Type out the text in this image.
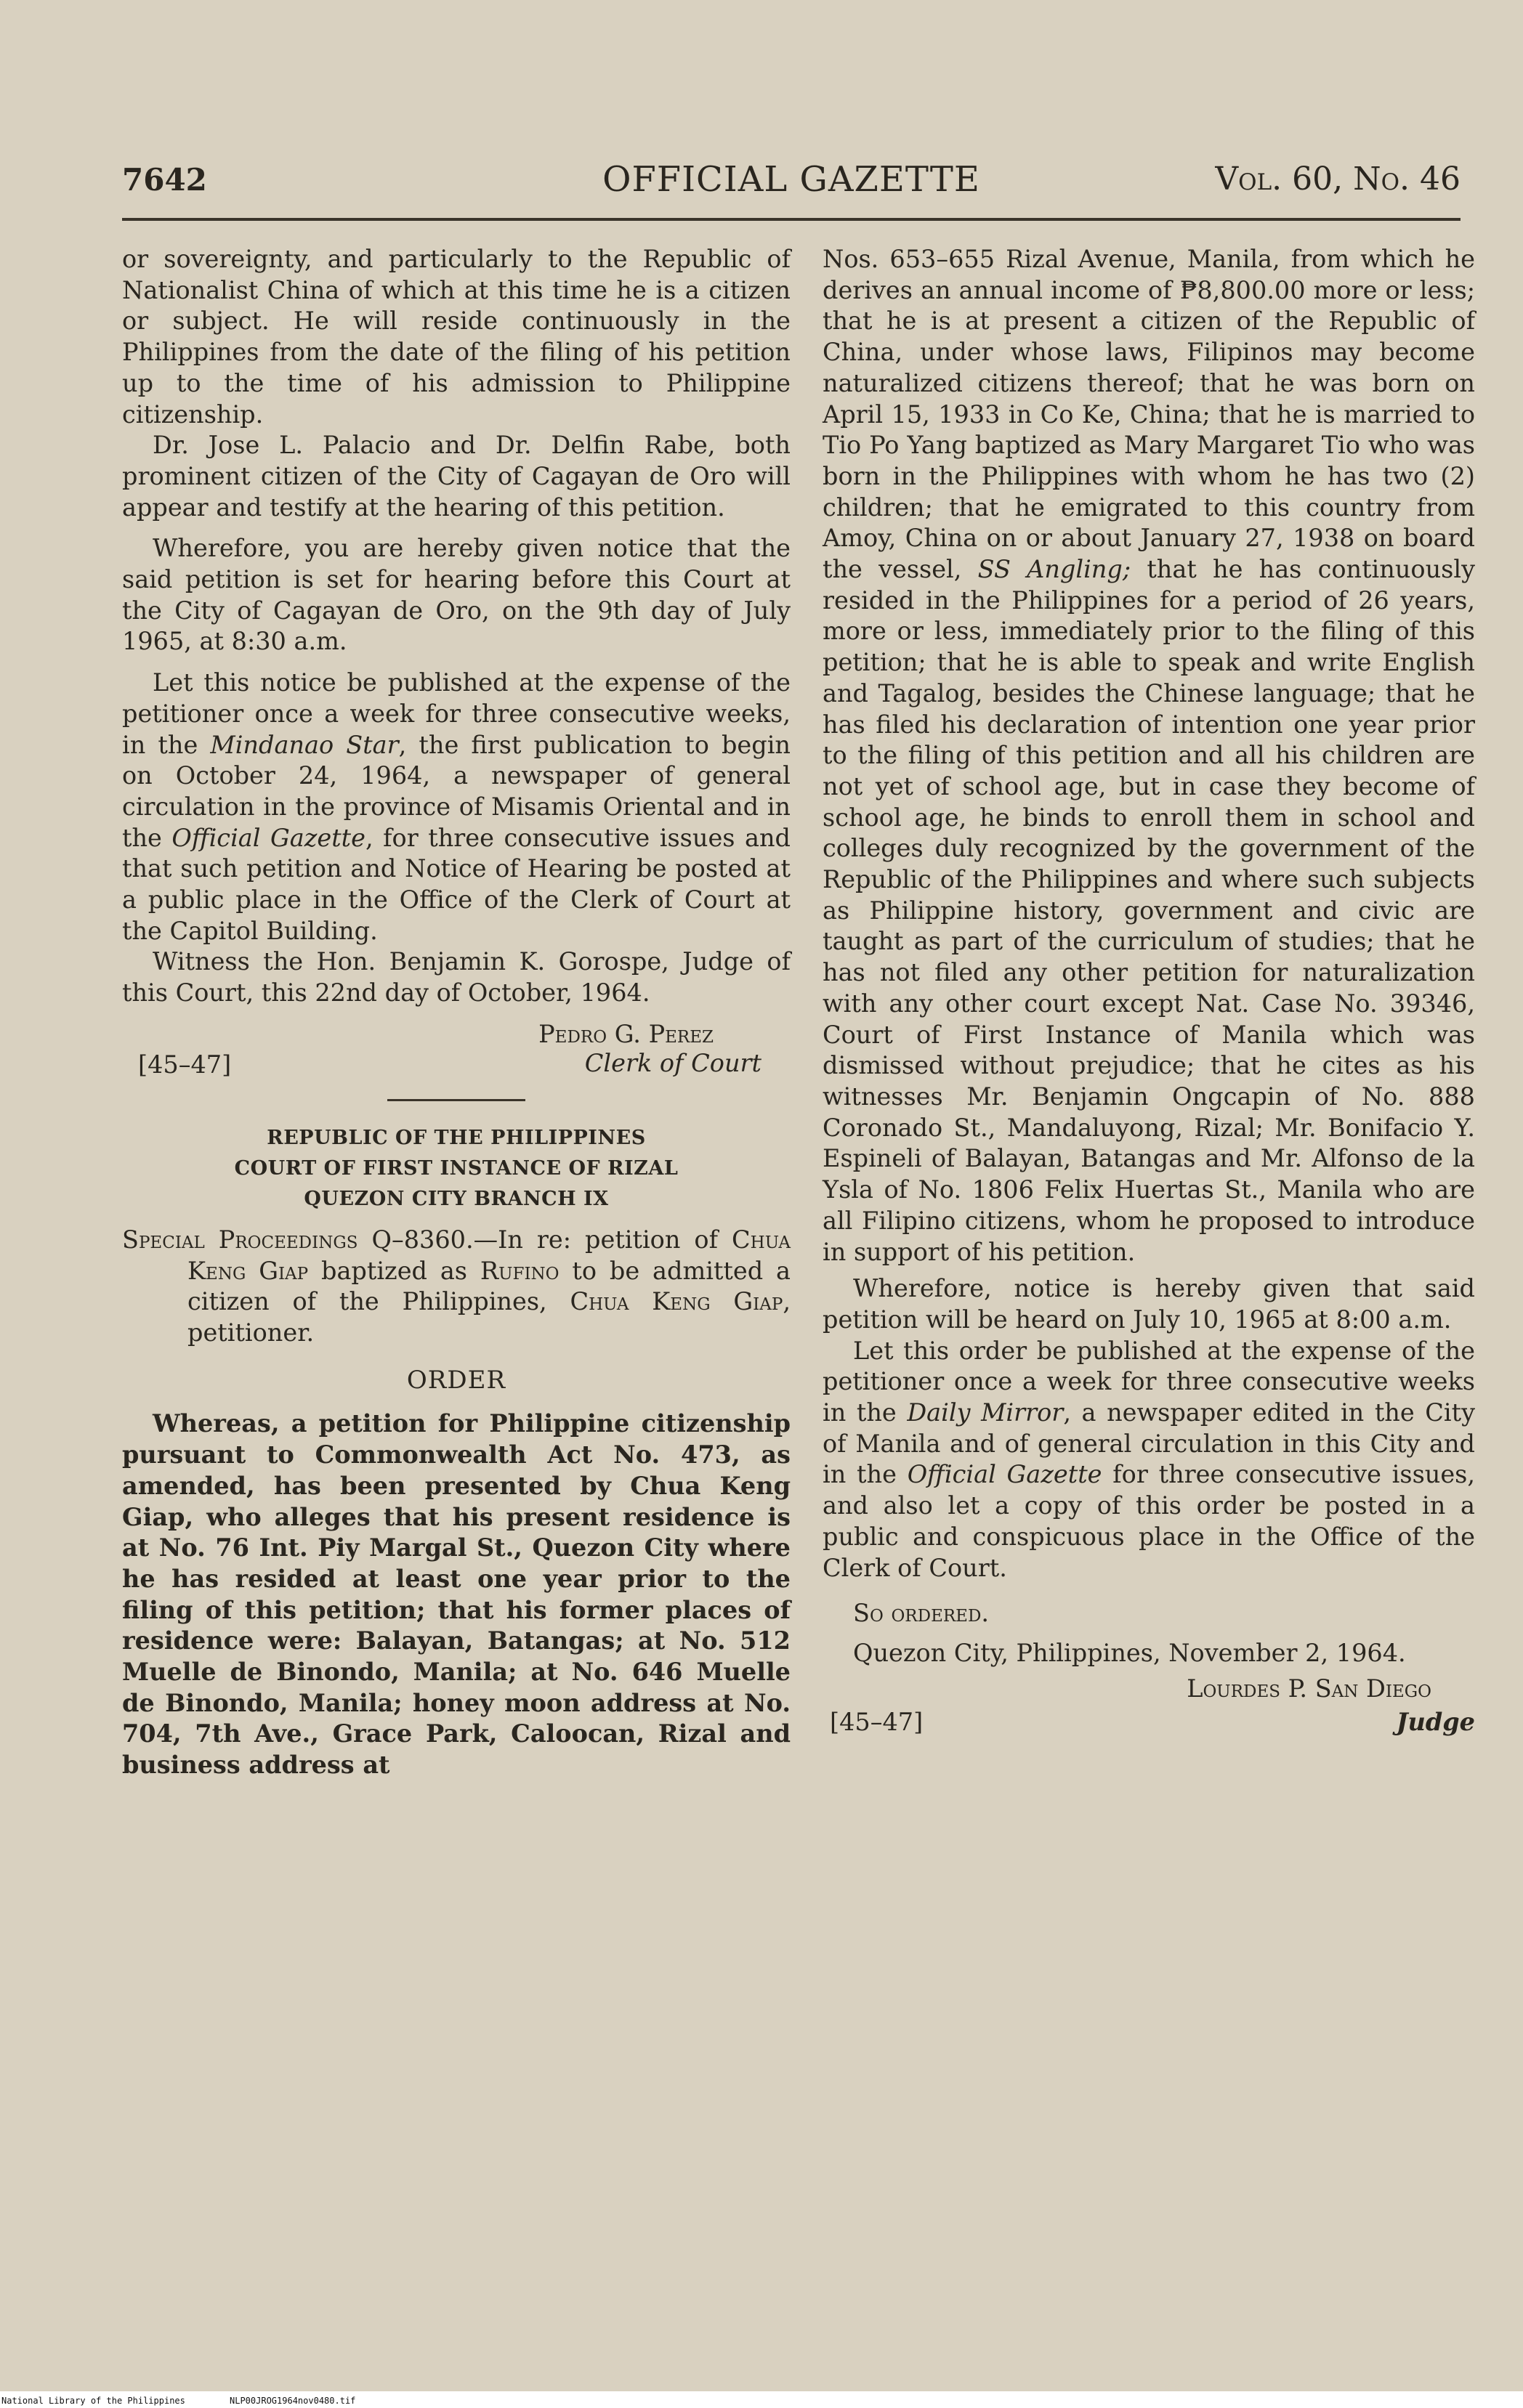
7642	OFFICIAL GAZETTE	Vol. 60, No. 46

or sovereignty, and particularly to the Republic of Nationalist China of which at this time he is a citizen or subject. He will reside continuously in the Philippines from the date of the filing of his petition up to the time of his admission to Philippine citizenship.

Dr. Jose L. Palacio and Dr. Delfin Rabe, both prominent citizen of the City of Cagayan de Oro will appear and testify at the hearing of this petition.

Wherefore, you are hereby given notice that the said petition is set for hearing before this Court at the City of Cagayan de Oro, on the 9th day of July 1965, at 8:30 a.m.

Let this notice be published at the expense of the petitioner once a week for three consecutive weeks, in the Mindanao Star, the first publication to begin on October 24, 1964, a newspaper of general circulation in the province of Misamis Oriental and in the Official Gazette, for three consecutive issues and that such petition and Notice of Hearing be posted at a public place in the Office of the Clerk of Court at the Capitol Building.

Witness the Hon. Benjamin K. Gorospe, Judge of this Court, this 22nd day of October, 1964.

[45–47]
Pedro G. Perez
Clerk of Court
REPUBLIC OF THE PHILIPPINES
COURT OF FIRST INSTANCE OF RIZAL
QUEZON CITY BRANCH IX

Special Proceedings Q–8360.—In re: petition of Chua Keng Giap baptized as Rufino to be admitted a citizen of the Philippines, Chua Keng Giap, petitioner.

ORDER

Whereas, a petition for Philippine citizenship pursuant to Commonwealth Act No. 473, as amended, has been presented by Chua Keng Giap, who alleges that his present residence is at No. 76 Int. Piy Margal St., Quezon City where he has resided at least one year prior to the filing of this petition; that his former places of residence were: Balayan, Batangas; at No. 512 Muelle de Binondo, Manila; at No. 646 Muelle de Binondo, Manila; honey moon address at No. 704, 7th Ave., Grace Park, Caloocan, Rizal and business address at

Nos. 653–655 Rizal Avenue, Manila, from which he derives an annual income of ₱8,800.00 more or less; that he is at present a citizen of the Republic of China, under whose laws, Filipinos may become naturalized citizens thereof; that he was born on April 15, 1933 in Co Ke, China; that he is married to Tio Po Yang baptized as Mary Margaret Tio who was born in the Philippines with whom he has two (2) children; that he emigrated to this country from Amoy, China on or about January 27, 1938 on board the vessel, SS Angling; that he has continuously resided in the Philippines for a period of 26 years, more or less, immediately prior to the filing of this petition; that he is able to speak and write English and Tagalog, besides the Chinese language; that he has filed his declaration of intention one year prior to the filing of this petition and all his children are not yet of school age, but in case they become of school age, he binds to enroll them in school and colleges duly recognized by the government of the Republic of the Philippines and where such subjects as Philippine history, government and civic are taught as part of the curriculum of studies; that he has not filed any other petition for naturalization with any other court except Nat. Case No. 39346, Court of First Instance of Manila which was dismissed without prejudice; that he cites as his witnesses Mr. Benjamin Ongcapin of No. 888 Coronado St., Mandaluyong, Rizal; Mr. Bonifacio Y. Espineli of Balayan, Batangas and Mr. Alfonso de la Ysla of No. 1806 Felix Huertas St., Manila who are all Filipino citizens, whom he proposed to introduce in support of his petition.

Wherefore, notice is hereby given that said petition will be heard on July 10, 1965 at 8:00 a.m.

Let this order be published at the expense of the petitioner once a week for three consecutive weeks in the Daily Mirror, a newspaper edited in the City of Manila and of general circulation in this City and in the Official Gazette for three consecutive issues, and also let a copy of this order be posted in a public and conspicuous place in the Office of the Clerk of Court.

So ordered.

Quezon City, Philippines, November 2, 1964.

[45–47]
Lourdes P. San Diego
Judge
National Library of the Philippines	NLP00JROG1964nov0480.tif
